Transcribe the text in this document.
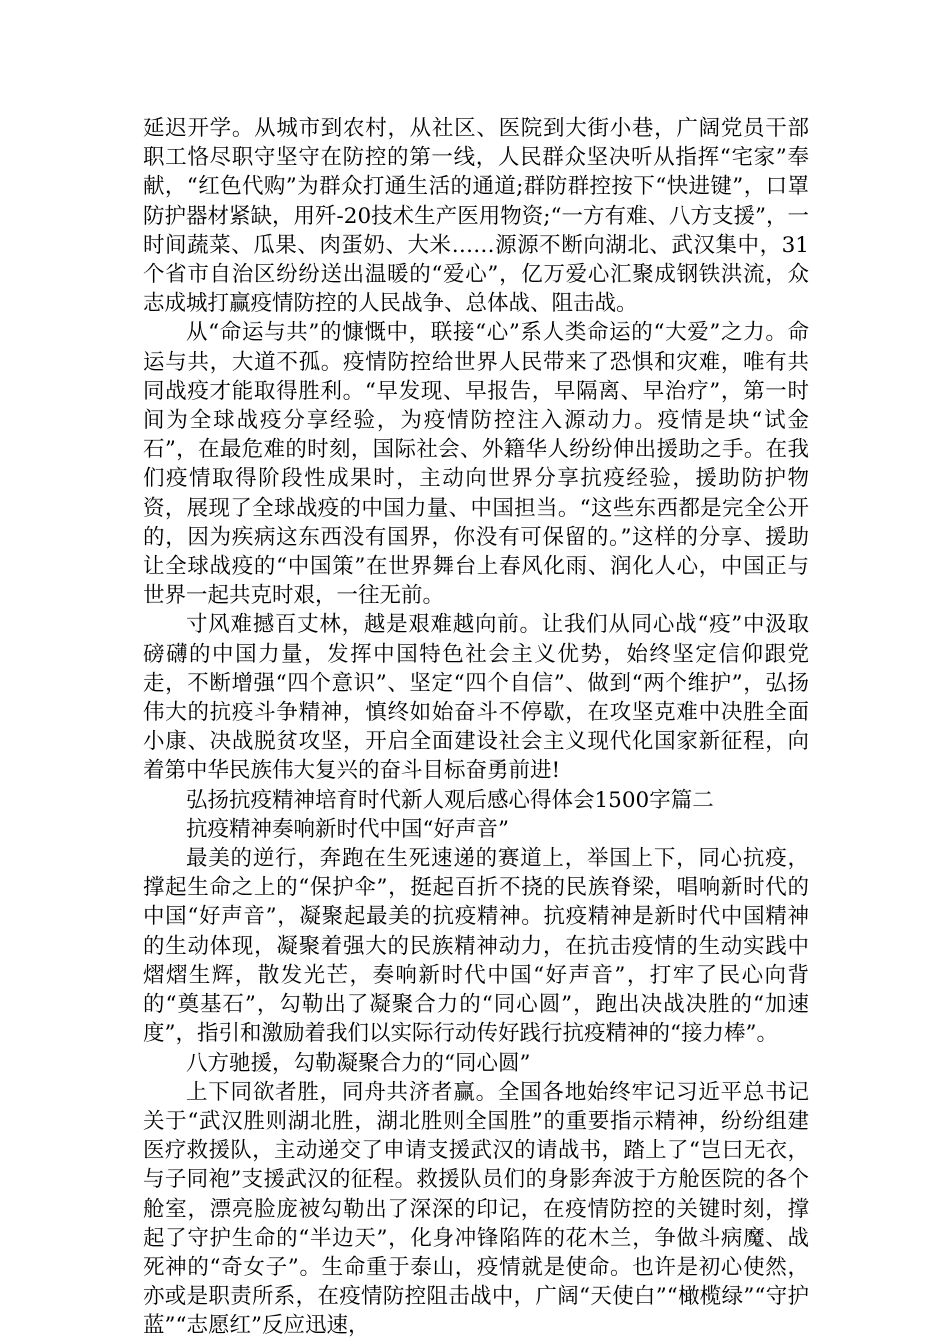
延迟开学。从城市到农村，从社区、医院到大街小巷，广阔党员干部职工恪尽职守坚守在防控的第一线，人民群众坚决听从指挥“宅家”奉献，“红色代购”为群众打通生活的通道;群防群控按下“快进键”，口罩防护器材紧缺，用歼-20技术生产医用物资;“一方有难、八方支援”，一时间蔬菜、瓜果、肉蛋奶、大米……源源不断向湖北、武汉集中，31个省市自治区纷纷送出温暖的“爱心”，亿万爱心汇聚成钢铁洪流，众志成城打赢疫情防控的人民战争、总体战、阻击战。

从“命运与共”的慷慨中，联接“心”系人类命运的“大爱”之力。命运与共，大道不孤。疫情防控给世界人民带来了恐惧和灾难，唯有共同战疫才能取得胜利。“早发现、早报告，早隔离、早治疗”，第一时间为全球战疫分享经验，为疫情防控注入源动力。疫情是块“试金石”，在最危难的时刻，国际社会、外籍华人纷纷伸出援助之手。在我们疫情取得阶段性成果时，主动向世界分享抗疫经验，援助防护物资，展现了全球战疫的中国力量、中国担当。“这些东西都是完全公开的，因为疾病这东西没有国界，你没有可保留的。”这样的分享、援助让全球战疫的“中国策”在世界舞台上春风化雨、润化人心，中国正与世界一起共克时艰，一往无前。

寸风难撼百丈林，越是艰难越向前。让我们从同心战“疫”中汲取磅礴的中国力量，发挥中国特色社会主义优势，始终坚定信仰跟党走，不断增强“四个意识”、坚定“四个自信”、做到“两个维护”，弘扬伟大的抗疫斗争精神，慎终如始奋斗不停歇，在攻坚克难中决胜全面小康、决战脱贫攻坚，开启全面建设社会主义现代化国家新征程，向着第中华民族伟大复兴的奋斗目标奋勇前进!

弘扬抗疫精神培育时代新人观后感心得体会1500字篇二

抗疫精神奏响新时代中国“好声音”

最美的逆行，奔跑在生死速递的赛道上，举国上下，同心抗疫，撑起生命之上的“保护伞”，挺起百折不挠的民族脊梁，唱响新时代的中国“好声音”，凝聚起最美的抗疫精神。抗疫精神是新时代中国精神的生动体现，凝聚着强大的民族精神动力，在抗击疫情的生动实践中熠熠生辉，散发光芒，奏响新时代中国“好声音”，打牢了民心向背的“奠基石”，勾勒出了凝聚合力的“同心圆”，跑出决战决胜的“加速度”，指引和激励着我们以实际行动传好践行抗疫精神的“接力棒”。

八方驰援，勾勒凝聚合力的“同心圆”

上下同欲者胜，同舟共济者赢。全国各地始终牢记习近平总书记关于“武汉胜则湖北胜，湖北胜则全国胜”的重要指示精神，纷纷组建医疗救援队，主动递交了申请支援武汉的请战书，踏上了“岂曰无衣，与子同袍”支援武汉的征程。救援队员们的身影奔波于方舱医院的各个舱室，漂亮脸庞被勾勒出了深深的印记，在疫情防控的关键时刻，撑起了守护生命的“半边天”，化身冲锋陷阵的花木兰，争做斗病魔、战死神的“奇女子”。生命重于泰山，疫情就是使命。也许是初心使然，亦或是职责所系，在疫情防控阻击战中，广阔“天使白”“橄榄绿”“守护蓝”“志愿红”反应迅速，
